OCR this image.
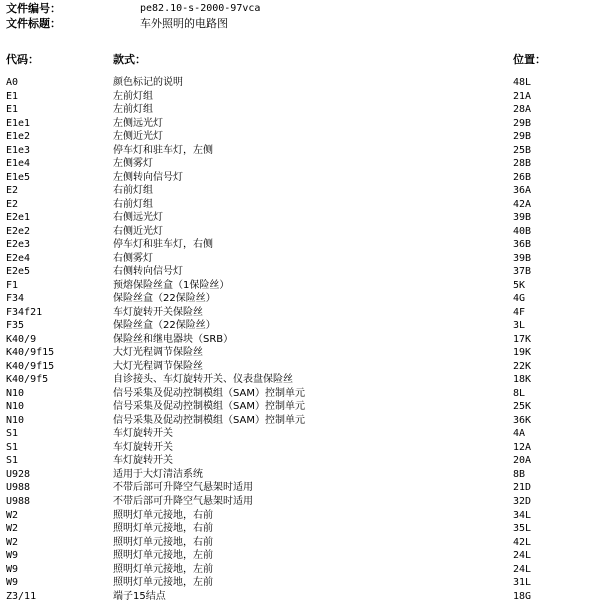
文件编号：	pe82.10-s-2000-97vca
文件标题：	车外照明的电路图
代码：	款式：	位置：
A0	颜色标记的说明	48L
E1	左前灯组	21A
E1	左前灯组	28A
E1e1	左侧远光灯	29B
E1e2	左侧近光灯	29B
E1e3	停车灯和驻车灯，左侧	25B
E1e4	左侧雾灯	28B
E1e5	左侧转向信号灯	26B
E2	右前灯组	36A
E2	右前灯组	42A
E2e1	右侧远光灯	39B
E2e2	右侧近光灯	40B
E2e3	停车灯和驻车灯，右侧	36B
E2e4	右侧雾灯	39B
E2e5	右侧转向信号灯	37B
F1	预熔保险丝盒（1保险丝）	5K
F34	保险丝盒（22保险丝）	4G
F34f21	车灯旋转开关保险丝	4F
F35	保险丝盒（22保险丝）	3L
K40/9	保险丝和继电器块（SRB）	17K
K40/9f15	大灯光程调节保险丝	19K
K40/9f15	大灯光程调节保险丝	22K
K40/9f5	自诊接头、车灯旋转开关、仪表盘保险丝	18K
N10	信号采集及促动控制模组（SAM）控制单元	8L
N10	信号采集及促动控制模组（SAM）控制单元	25K
N10	信号采集及促动控制模组（SAM）控制单元	36K
S1	车灯旋转开关	4A
S1	车灯旋转开关	12A
S1	车灯旋转开关	20A
U928	适用于大灯清洁系统	8B
U988	不带后部可升降空气悬架时适用	21D
U988	不带后部可升降空气悬架时适用	32D
W2	照明灯单元接地，右前	34L
W2	照明灯单元接地，右前	35L
W2	照明灯单元接地，右前	42L
W9	照明灯单元接地，左前	24L
W9	照明灯单元接地，左前	24L
W9	照明灯单元接地，左前	31L
Z3/11	端子15结点	18G
